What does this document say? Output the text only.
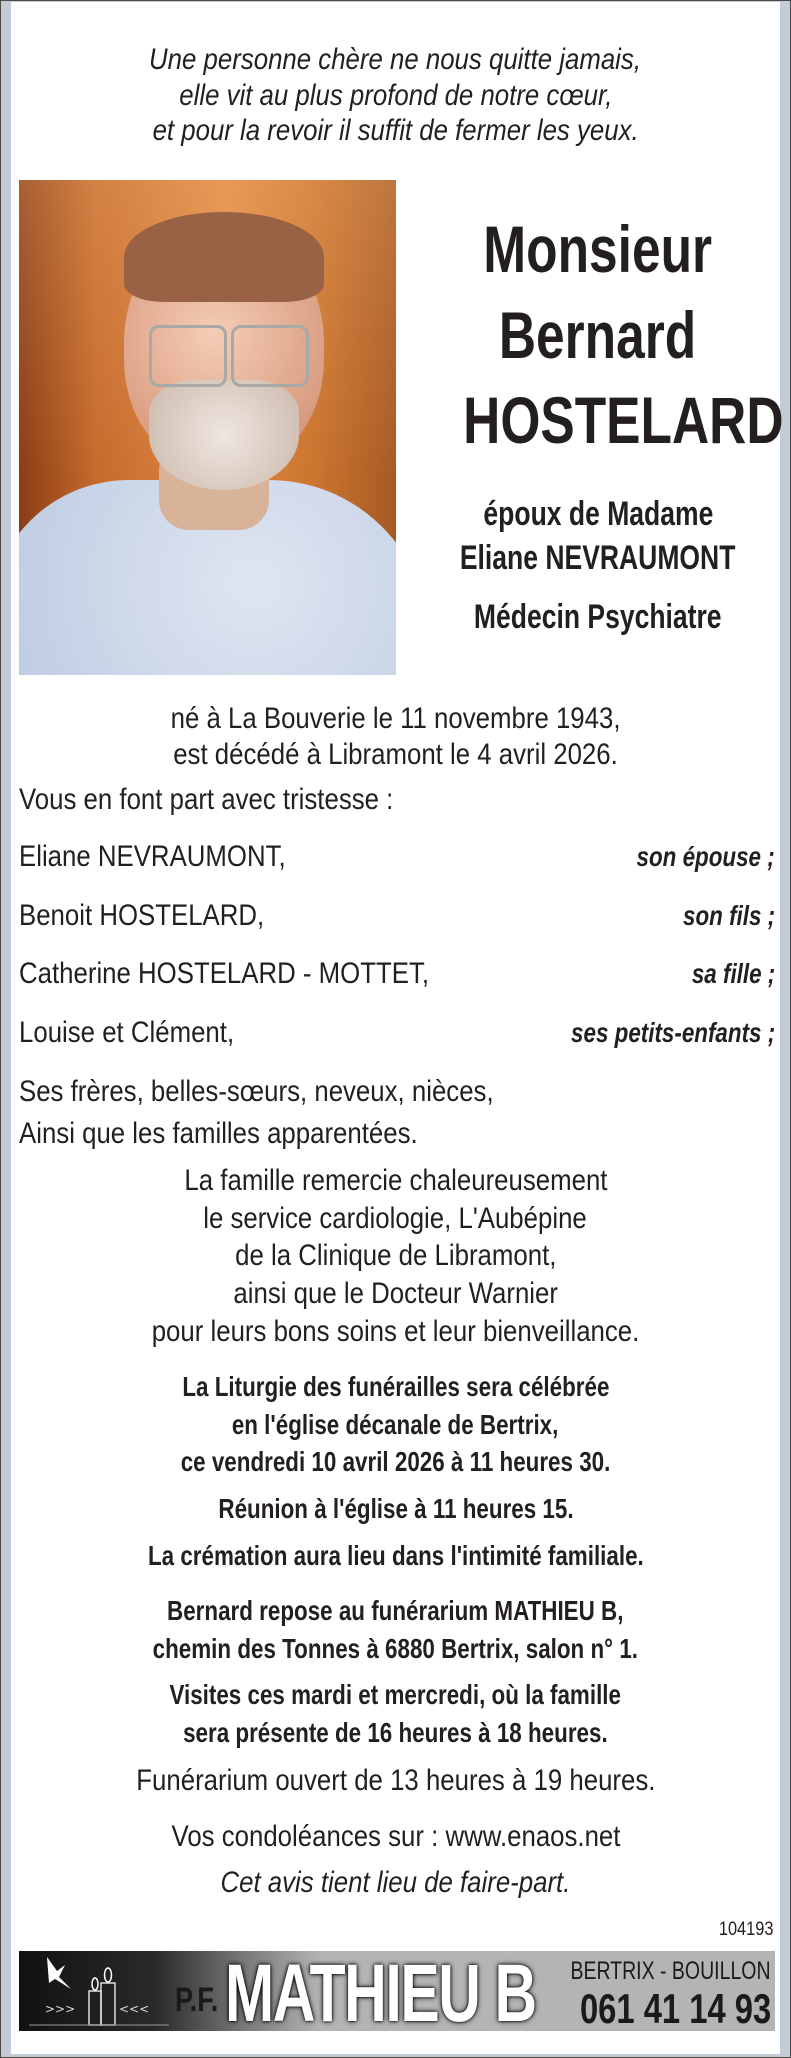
Une personne chère ne nous quitte jamais,
elle vit au plus profond de notre cœur,
et pour la revoir il suffit de fermer les yeux.
Monsieur
Bernard
HOSTELARD
époux de Madame
Eliane NEVRAUMONT
Médecin Psychiatre
né à La Bouverie le 11 novembre 1943,
est décédé à Libramont le 4 avril 2026.
Vous en font part avec tristesse :
Eliane NEVRAUMONT,	son épouse ;
Benoit HOSTELARD,	son fils ;
Catherine HOSTELARD - MOTTET,	sa fille ;
Louise et Clément,	ses petits-enfants ;
Ses frères, belles-sœurs, neveux, nièces,
Ainsi que les familles apparentées.
La famille remercie chaleureusement
le service cardiologie, L'Aubépine
de la Clinique de Libramont,
ainsi que le Docteur Warnier
pour leurs bons soins et leur bienveillance.
La Liturgie des funérailles sera célébrée
en l'église décanale de Bertrix,
ce vendredi 10 avril 2026 à 11 heures 30.
Réunion à l'église à 11 heures 15.
La crémation aura lieu dans l'intimité familiale.
Bernard repose au funérarium MATHIEU B,
chemin des Tonnes à 6880 Bertrix, salon n° 1.
Visites ces mardi et mercredi, où la famille
sera présente de 16 heures à 18 heures.
Funérarium ouvert de 13 heures à 19 heures.
Vos condoléances sur : www.enaos.net
Cet avis tient lieu de faire-part.
104193
>>>	<<< P.F. MATHIEU B BERTRIX - BOUILLON
061 41 14 93
